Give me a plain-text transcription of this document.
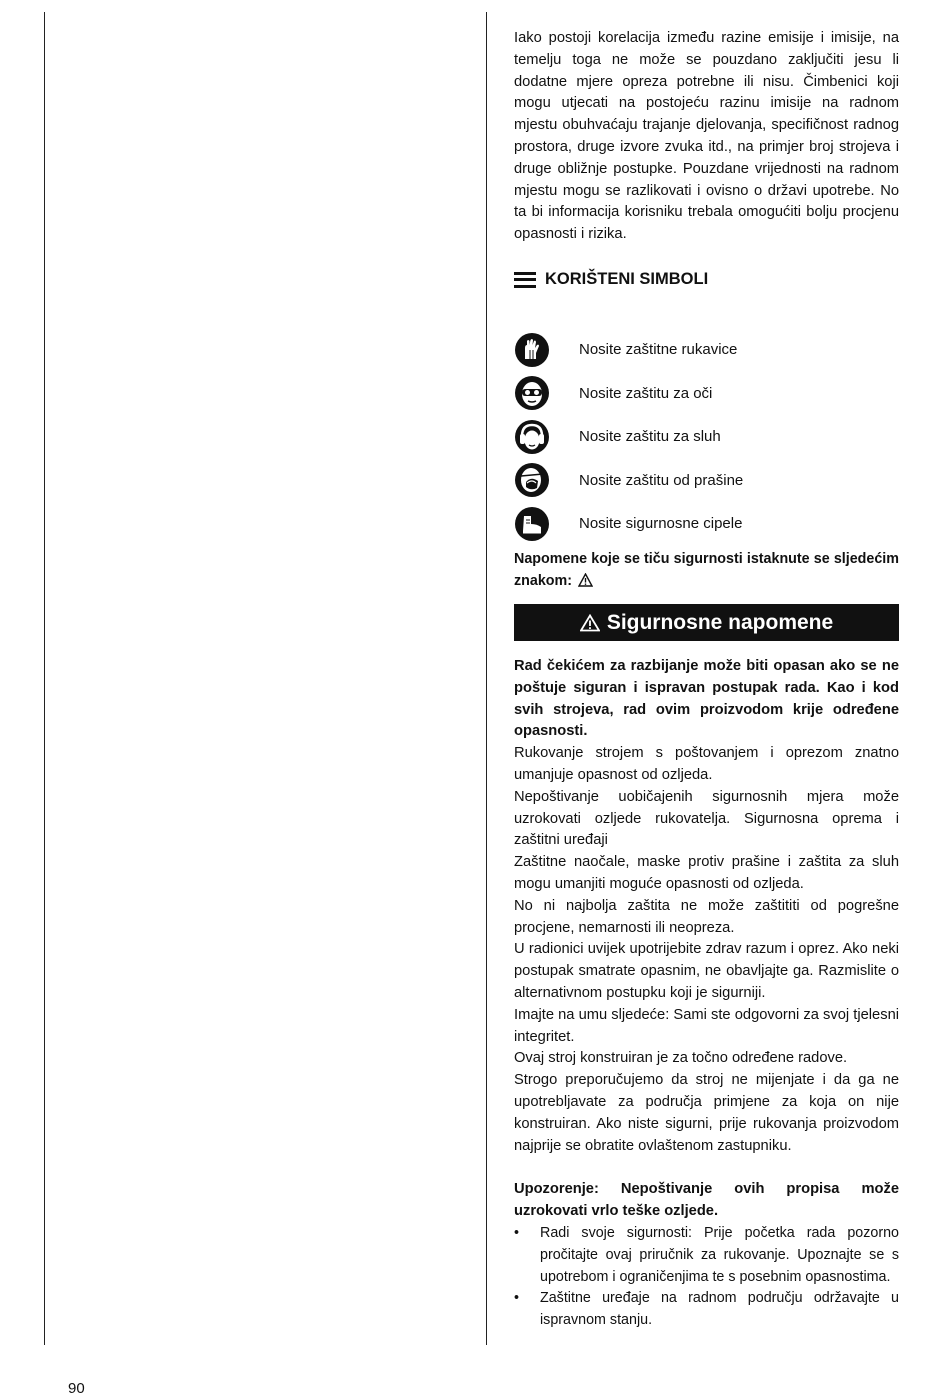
Iako postoji korelacija između razine emisije i imisije, na temelju toga ne može se pouzdano zaključiti jesu li dodatne mjere opreza potrebne ili nisu. Čimbenici koji mogu utjecati na postojeću razinu imisije na radnom mjestu obuhvaćaju trajanje djelovanja, specifičnost radnog prostora, druge izvore zvuka itd., na primjer broj strojeva i druge obližnje postupke. Pouzdane vrijednosti na radnom mjestu mogu se razlikovati i ovisno o državi upotrebe. No ta bi informacija korisniku trebala omogućiti bolju procjenu opasnosti i rizika.

KORIŠTENI SIMBOLI
Nosite zaštitne rukavice
Nosite zaštitu za oči
Nosite zaštitu za sluh
Nosite zaštitu od prašine
Nosite sigurnosne cipele

Napomene koje se tiču sigurnosti istaknute se sljedećim znakom:

Sigurnosne napomene

Rad čekićem za razbijanje može biti opasan ako se ne poštuje siguran i ispravan postupak rada. Kao i kod svih strojeva, rad ovim proizvodom krije određene opasnosti.

Rukovanje strojem s poštovanjem i oprezom znatno umanjuje opasnost od ozljeda.

Nepoštivanje uobičajenih sigurnosnih mjera može uzrokovati ozljede rukovatelja. Sigurnosna oprema i zaštitni uređaji

Zaštitne naočale, maske protiv prašine i zaštita za sluh mogu umanjiti moguće opasnosti od ozljeda.

No ni najbolja zaštita ne može zaštititi od pogrešne procjene, nemarnosti ili neopreza.

U radionici uvijek upotrijebite zdrav razum i oprez. Ako neki postupak smatrate opasnim, ne obavljajte ga. Razmislite o alternativnom postupku koji je sigurniji.

Imajte na umu sljedeće: Sami ste odgovorni za svoj tjelesni integritet.

Ovaj stroj konstruiran je za točno određene radove.

Strogo preporučujemo da stroj ne mijenjate i da ga ne upotrebljavate za područja primjene za koja on nije konstruiran. Ako niste sigurni, prije rukovanja proizvodom najprije se obratite ovlaštenom zastupniku.

Upozorenje: Nepoštivanje ovih propisa može uzrokovati vrlo teške ozljede.

• Radi svoje sigurnosti: Prije početka rada pozorno pročitajte ovaj priručnik za rukovanje. Upoznajte se s upotrebom i ograničenjima te s posebnim opasnostima.
• Zaštitne uređaje na radnom području održavajte u ispravnom stanju.
90
